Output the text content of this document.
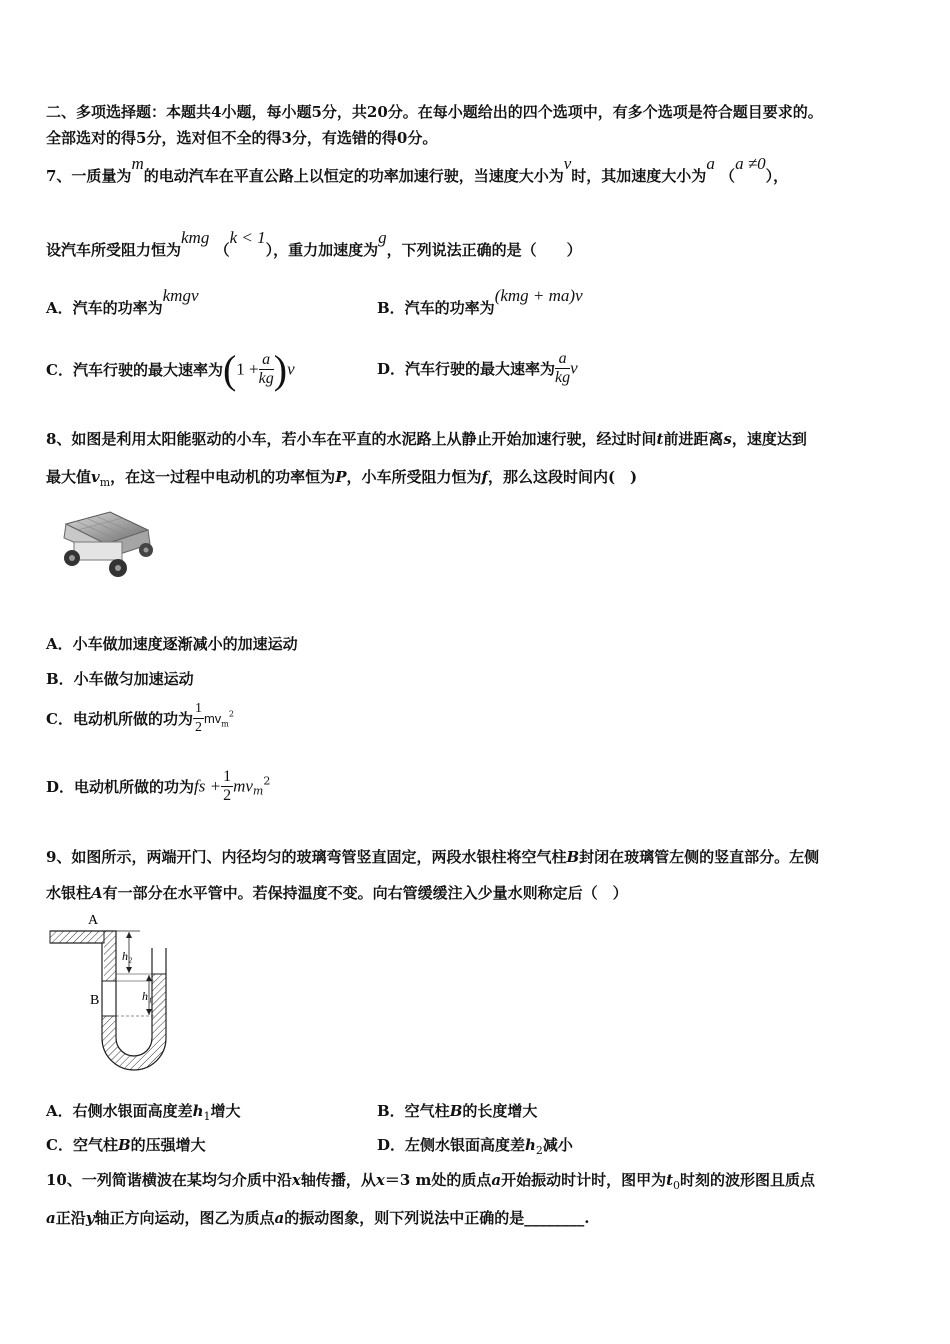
二、多项选择题：本题共4小题，每小题5分，共20分。在每小题给出的四个选项中，有多个选项是符合题目要求的。
全部选对的得5分，选对但不全的得3分，有选错的得0分。
7、一质量为m的电动汽车在平直公路上以恒定的功率加速行驶，当速度大小为v时，其加速度大小为a （a ≠0），
设汽车所受阻力恒为kmg （k < 1），重力加速度为g，下列说法正确的是（　　）
A．汽车的功率为kmgv
B．汽车的功率为(kmg + ma)v
C．汽车行驶的最大速率为$(1 + \frac{a}{kg} )v$	D．汽车行驶的最大速率为 $\frac{a}{kg}$ v
8、如图是利用太阳能驱动的小车，若小车在平直的水泥路上从静止开始加速行驶，经过时间t前进距离s，速度达到
最大值$v_m$，在这一过程中电动机的功率恒为P，小车所受阻力恒为f，那么这段时间内(　)
A．小车做加速度逐渐减小的加速运动
B．小车做匀加速运动
C．电动机所做的功为 $\frac{1}{2} mv_m^2$
D．电动机所做的功为fs + $\frac{1}{2} mv_m^2$
9、如图所示，两端开门、内径均匀的玻璃弯管竖直固定，两段水银柱将空气柱B封闭在玻璃管左侧的竖直部分。左侧
水银柱A有一部分在水平管中。若保持温度不变。向右管缓缓注入少量水则称定后（　）
A
B
h₂
h₁
A．右侧水银面高度差$h_1$增大	B．空气柱B的长度增大
C．空气柱B的压强增大	D．左侧水银面高度差$h_2$减小
10、一列简谐横波在某均匀介质中沿x轴传播，从x＝3 m处的质点a开始振动时计时，图甲为$t_0$时刻的波形图且质点
a正沿y轴正方向运动，图乙为质点a的振动图象，则下列说法中正确的是________.
